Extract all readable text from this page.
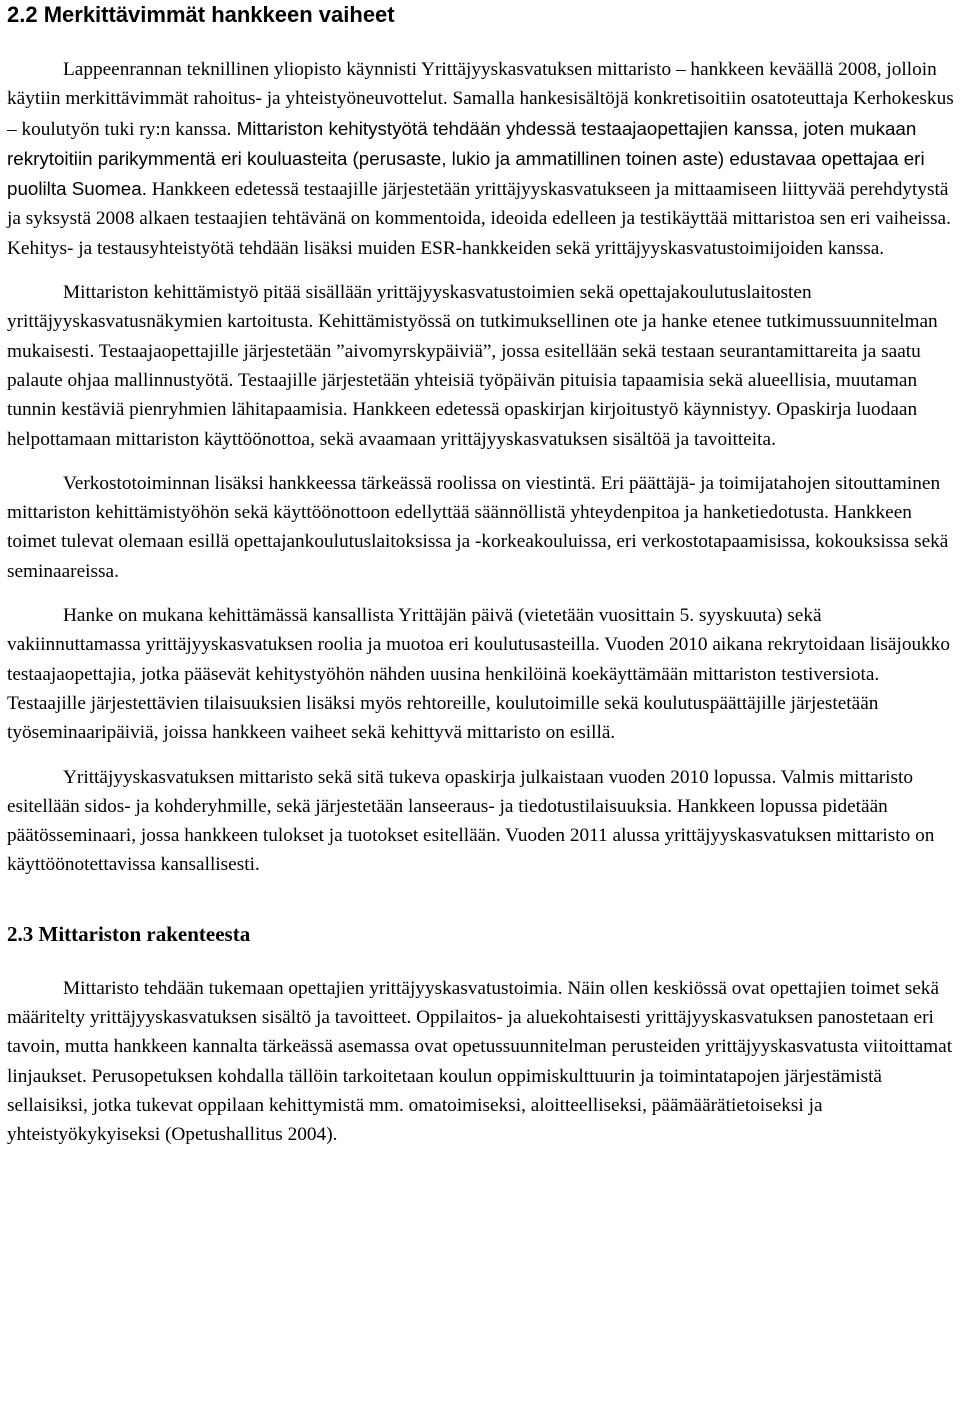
2.2 Merkittävimmät hankkeen vaiheet

Lappeenrannan teknillinen yliopisto käynnisti Yrittäjyyskasvatuksen mittaristo – hankkeen keväällä 2008, jolloin käytiin merkittävimmät rahoitus- ja yhteistyöneuvottelut. Samalla hankesisältöjä konkretisoitiin osatoteuttaja Kerhokeskus – koulutyön tuki ry:n kanssa. Mittariston kehitystyötä tehdään yhdessä testaajaopettajien kanssa, joten mukaan rekrytoitiin parikymmentä eri kouluasteita (perusaste, lukio ja ammatillinen toinen aste) edustavaa opettajaa eri puolilta Suomea. Hankkeen edetessä testaajille järjestetään yrittäjyyskasvatukseen ja mittaamiseen liittyvää perehdytystä ja syksystä 2008 alkaen testaajien tehtävänä on kommentoida, ideoida edelleen ja testikäyttää mittaristoa sen eri vaiheissa. Kehitys- ja testausyhteistyötä tehdään lisäksi muiden ESR-hankkeiden sekä yrittäjyyskasvatustoimijoiden kanssa.

Mittariston kehittämistyö pitää sisällään yrittäjyyskasvatustoimien sekä opettajakoulutuslaitosten yrittäjyyskasvatusnäkymien kartoitusta. Kehittämistyössä on tutkimuksellinen ote ja hanke etenee tutkimussuunnitelman mukaisesti. Testaajaopettajille järjestetään ”aivomyrskypäiviä”, jossa esitellään sekä testaan seurantamittareita ja saatu palaute ohjaa mallinnustyötä. Testaajille järjestetään yhteisiä työpäivän pituisia tapaamisia sekä alueellisia, muutaman tunnin kestäviä pienryhmien lähitapaamisia. Hankkeen edetessä opaskirjan kirjoitustyö käynnistyy. Opaskirja luodaan helpottamaan mittariston käyttöönottoa, sekä avaamaan yrittäjyyskasvatuksen sisältöä ja tavoitteita.

Verkostotoiminnan lisäksi hankkeessa tärkeässä roolissa on viestintä. Eri päättäjä- ja toimijatahojen sitouttaminen mittariston kehittämistyöhön sekä käyttöönottoon edellyttää säännöllistä yhteydenpitoa ja hanketiedotusta. Hankkeen toimet tulevat olemaan esillä opettajankoulutuslaitoksissa ja -korkeakouluissa, eri verkostotapaamisissa, kokouksissa sekä seminaareissa.

Hanke on mukana kehittämässä kansallista Yrittäjän päivä (vietetään vuosittain 5. syyskuuta) sekä vakiinnuttamassa yrittäjyyskasvatuksen roolia ja muotoa eri koulutusasteilla. Vuoden 2010 aikana rekrytoidaan lisäjoukko testaajaopettajia, jotka pääsevät kehitystyöhön nähden uusina henkilöinä koekäyttämään mittariston testiversiota. Testaajille järjestettävien tilaisuuksien lisäksi myös rehtoreille, koulutoimille sekä koulutuspäättäjille järjestetään työseminaaripäiviä, joissa hankkeen vaiheet sekä kehittyvä mittaristo on esillä.

Yrittäjyyskasvatuksen mittaristo sekä sitä tukeva opaskirja julkaistaan vuoden 2010 lopussa. Valmis mittaristo esitellään sidos- ja kohderyhmille, sekä järjestetään lanseeraus- ja tiedotustilaisuuksia. Hankkeen lopussa pidetään päätösseminaari, jossa hankkeen tulokset ja tuotokset esitellään. Vuoden 2011 alussa yrittäjyyskasvatuksen mittaristo on käyttöönotettavissa kansallisesti.

2.3 Mittariston rakenteesta

Mittaristo tehdään tukemaan opettajien yrittäjyyskasvatustoimia. Näin ollen keskiössä ovat opettajien toimet sekä määritelty yrittäjyyskasvatuksen sisältö ja tavoitteet. Oppilaitos- ja aluekohtaisesti yrittäjyyskasvatuksen panostetaan eri tavoin, mutta hankkeen kannalta tärkeässä asemassa ovat opetussuunnitelman perusteiden yrittäjyyskasvatusta viitoittamat linjaukset. Perusopetuksen kohdalla tällöin tarkoitetaan koulun oppimiskulttuurin ja toimintatapojen järjestämistä sellaisiksi, jotka tukevat oppilaan kehittymistä mm. omatoimiseksi, aloitteelliseksi, päämäärätietoiseksi ja yhteistyökykyiseksi (Opetushallitus 2004).
